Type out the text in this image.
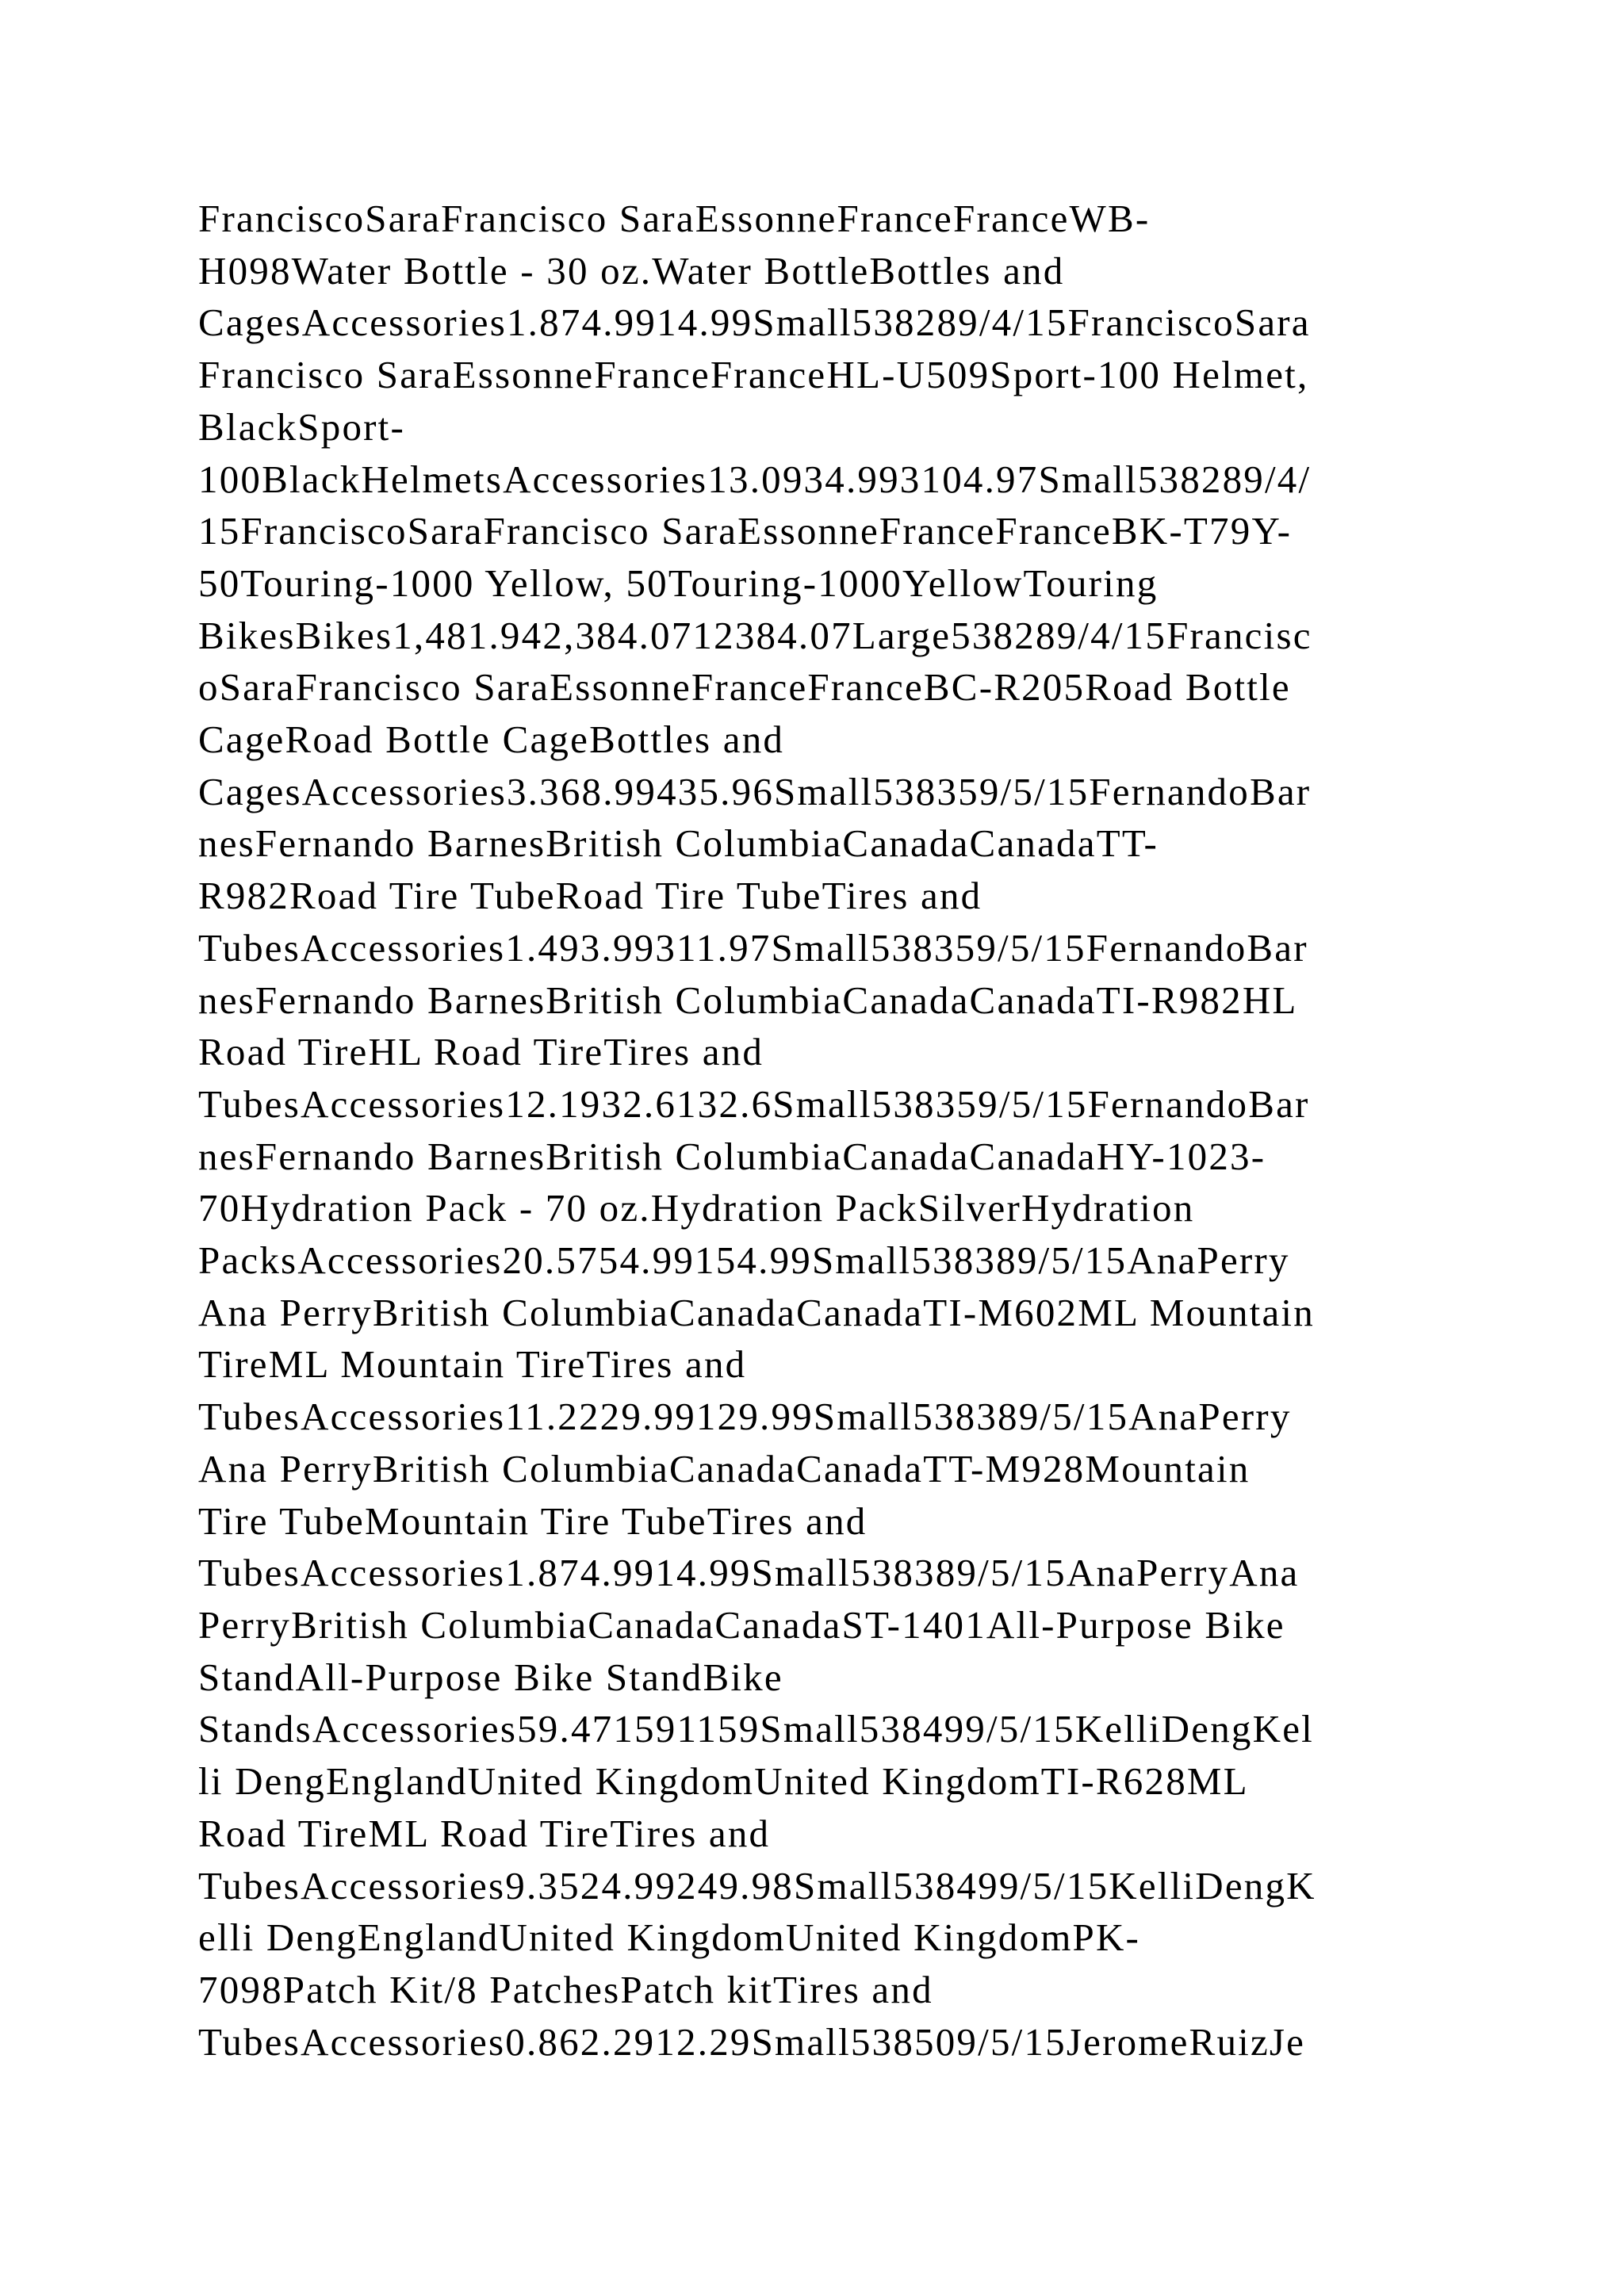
FranciscoSaraFrancisco SaraEssonneFranceFranceWB-
H098Water Bottle - 30 oz.Water BottleBottles and
CagesAccessories1.874.9914.99Small538289/4/15FranciscoSara
Francisco SaraEssonneFranceFranceHL-U509Sport-100 Helmet,
BlackSport-
100BlackHelmetsAccessories13.0934.993104.97Small538289/4/
15FranciscoSaraFrancisco SaraEssonneFranceFranceBK-T79Y-
50Touring-1000 Yellow, 50Touring-1000YellowTouring
BikesBikes1,481.942,384.0712384.07Large538289/4/15Francisc
oSaraFrancisco SaraEssonneFranceFranceBC-R205Road Bottle
CageRoad Bottle CageBottles and
CagesAccessories3.368.99435.96Small538359/5/15FernandoBar
nesFernando BarnesBritish ColumbiaCanadaCanadaTT-
R982Road Tire TubeRoad Tire TubeTires and
TubesAccessories1.493.99311.97Small538359/5/15FernandoBar
nesFernando BarnesBritish ColumbiaCanadaCanadaTI-R982HL
Road TireHL Road TireTires and
TubesAccessories12.1932.6132.6Small538359/5/15FernandoBar
nesFernando BarnesBritish ColumbiaCanadaCanadaHY-1023-
70Hydration Pack - 70 oz.Hydration PackSilverHydration
PacksAccessories20.5754.99154.99Small538389/5/15AnaPerry
Ana PerryBritish ColumbiaCanadaCanadaTI-M602ML Mountain
TireML Mountain TireTires and
TubesAccessories11.2229.99129.99Small538389/5/15AnaPerry
Ana PerryBritish ColumbiaCanadaCanadaTT-M928Mountain
Tire TubeMountain Tire TubeTires and
TubesAccessories1.874.9914.99Small538389/5/15AnaPerryAna
PerryBritish ColumbiaCanadaCanadaST-1401All-Purpose Bike
StandAll-Purpose Bike StandBike
StandsAccessories59.471591159Small538499/5/15KelliDengKel
li DengEnglandUnited KingdomUnited KingdomTI-R628ML
Road TireML Road TireTires and
TubesAccessories9.3524.99249.98Small538499/5/15KelliDengK
elli DengEnglandUnited KingdomUnited KingdomPK-
7098Patch Kit/8 PatchesPatch kitTires and
TubesAccessories0.862.2912.29Small538509/5/15JeromeRuizJe
